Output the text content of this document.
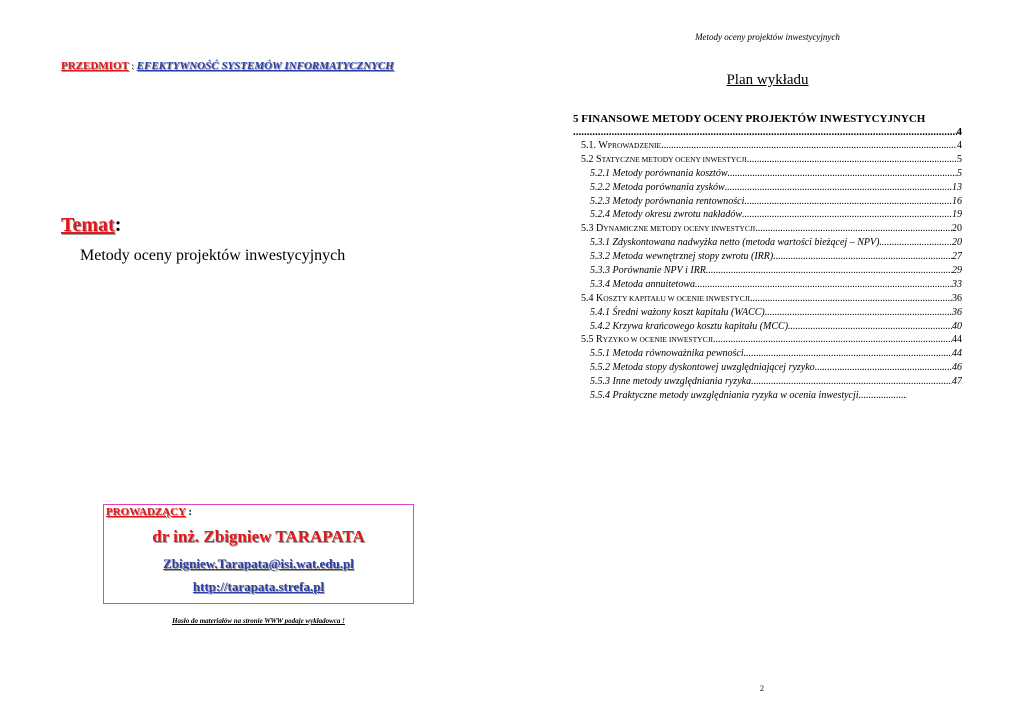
PRZEDMIOT : EFEKTYWNOŚĆ SYSTEMÓW INFORMATYCZNYCH
Temat:
Metody oceny projektów inwestycyjnych
PROWADZĄCY :
dr inż. Zbigniew TARAPATA
Zbigniew.Tarapata@isi.wat.edu.pl
http://tarapata.strefa.pl
Hasło do materiałów na stronie WWW podaje wykładowca !
Metody oceny projektów inwestycyjnych
Plan wykładu
5 FINANSOWE METODY OCENY PROJEKTÓW INWESTYCYJNYCH
.....
4
5.1. WPROWADZENIE .....	4
5.2 STATYCZNE METODY OCENY INWESTYCJI .....	5
5.2.1 Metody porównania kosztów .....	5
5.2.2 Metoda porównania zysków .....	13
5.2.3 Metody porównania rentowności .....	16
5.2.4 Metody okresu zwrotu nakładów .....	19
5.3 DYNAMICZNE METODY OCENY INWESTYCJI .....	20
5.3.1 Zdyskontowana nadwyżka netto (metoda wartości bieżącej – NPV) .....	20
5.3.2 Metoda wewnętrznej stopy zwrotu (IRR) .....	27
5.3.3 Porównanie NPV i IRR .....	29
5.3.4 Metoda annuitetowa .....	33
5.4 KOSZTY KAPITAŁU W OCENIE INWESTYCJI .....	36
5.4.1 Średni ważony koszt kapitału (WACC) .....	36
5.4.2 Krzywa krańcowego kosztu kapitału (MCC) .....	40
5.5 RYZYKO W OCENIE INWESTYCJI .....	44
5.5.1 Metoda równoważnika pewności .....	44
5.5.2 Metoda stopy dyskontowej uwzględniającej ryzyko .....	46
5.5.3 Inne metody uwzględniania ryzyka .....	47
5.5.4 Praktyczne metody uwzględniania ryzyka w ocenia inwestycji
.....
2
